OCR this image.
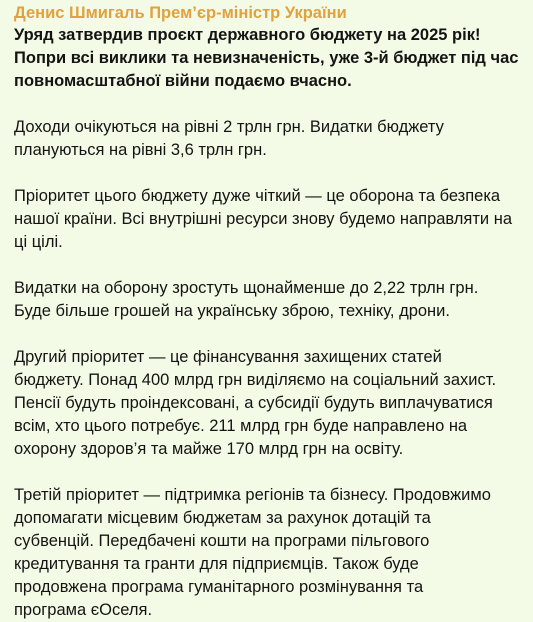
Денис Шмигаль Прем’єр-міністр України
Уряд затвердив проєкт державного бюджету на 2025 рік!
Попри всі виклики та невизначеність, уже 3-й бюджет під час
повномасштабної війни подаємо вчасно.
Доходи очікуються на рівні 2 трлн грн. Видатки бюджету
плануються на рівні 3,6 трлн грн.
Пріоритет цього бюджету дуже чіткий — це оборона та безпека
нашої країни. Всі внутрішні ресурси знову будемо направляти на
ці цілі.
Видатки на оборону зростуть щонайменше до 2,22 трлн грн.
Буде більше грошей на українську зброю, техніку, дрони.
Другий пріоритет — це фінансування захищених статей
бюджету. Понад 400 млрд грн виділяємо на соціальний захист.
Пенсії будуть проіндексовані, а субсидії будуть виплачуватися
всім, хто цього потребує. 211 млрд грн буде направлено на
охорону здоров’я та майже 170 млрд грн на освіту.
Третій пріоритет — підтримка регіонів та бізнесу. Продовжимо
допомагати місцевим бюджетам за рахунок дотацій та
субвенцій. Передбачені кошти на програми пільгового
кредитування та гранти для підприємців. Також буде
продовжена програма гуманітарного розмінування та
програма єОселя.
